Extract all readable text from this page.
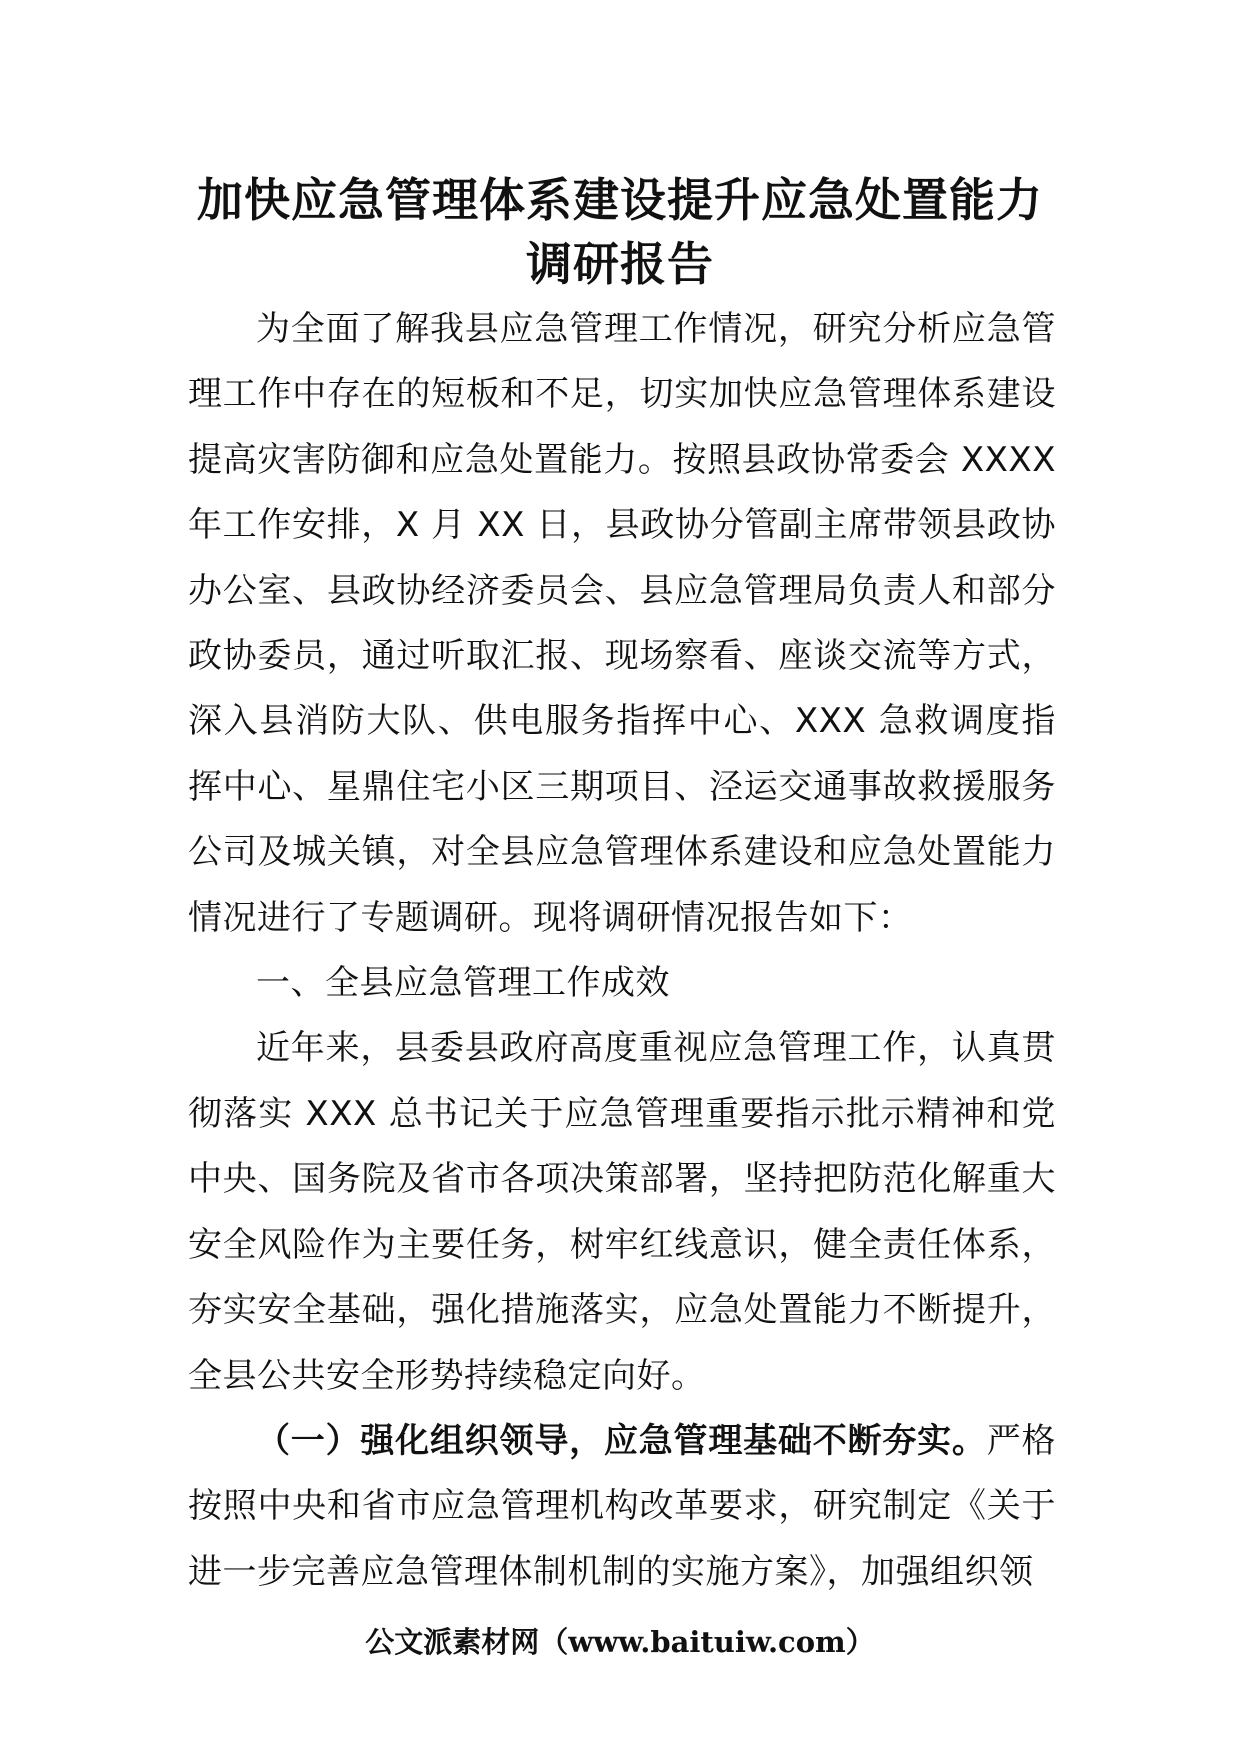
加快应急管理体系建设提升应急处置能力
调研报告

为全面了解我县应急管理工作情况，研究分析应急管理工作中存在的短板和不足，切实加快应急管理体系建设提高灾害防御和应急处置能力。按照县政协常委会 XXXX 年工作安排，X 月 XX 日，县政协分管副主席带领县政协办公室、县政协经济委员会、县应急管理局负责人和部分政协委员，通过听取汇报、现场察看、座谈交流等方式，深入县消防大队、供电服务指挥中心、XXX 急救调度指挥中心、星鼎住宅小区三期项目、泾运交通事故救援服务公司及城关镇，对全县应急管理体系建设和应急处置能力情况进行了专题调研。现将调研情况报告如下：

一、全县应急管理工作成效

近年来，县委县政府高度重视应急管理工作，认真贯彻落实 XXX 总书记关于应急管理重要指示批示精神和党中央、国务院及省市各项决策部署，坚持把防范化解重大安全风险作为主要任务，树牢红线意识，健全责任体系，夯实安全基础，强化措施落实，应急处置能力不断提升，全县公共安全形势持续稳定向好。

（一）强化组织领导，应急管理基础不断夯实。严格按照中央和省市应急管理机构改革要求，研究制定《关于进一步完善应急管理体制机制的实施方案》，加强组织领

公文派素材网（www.baituiw.com）
